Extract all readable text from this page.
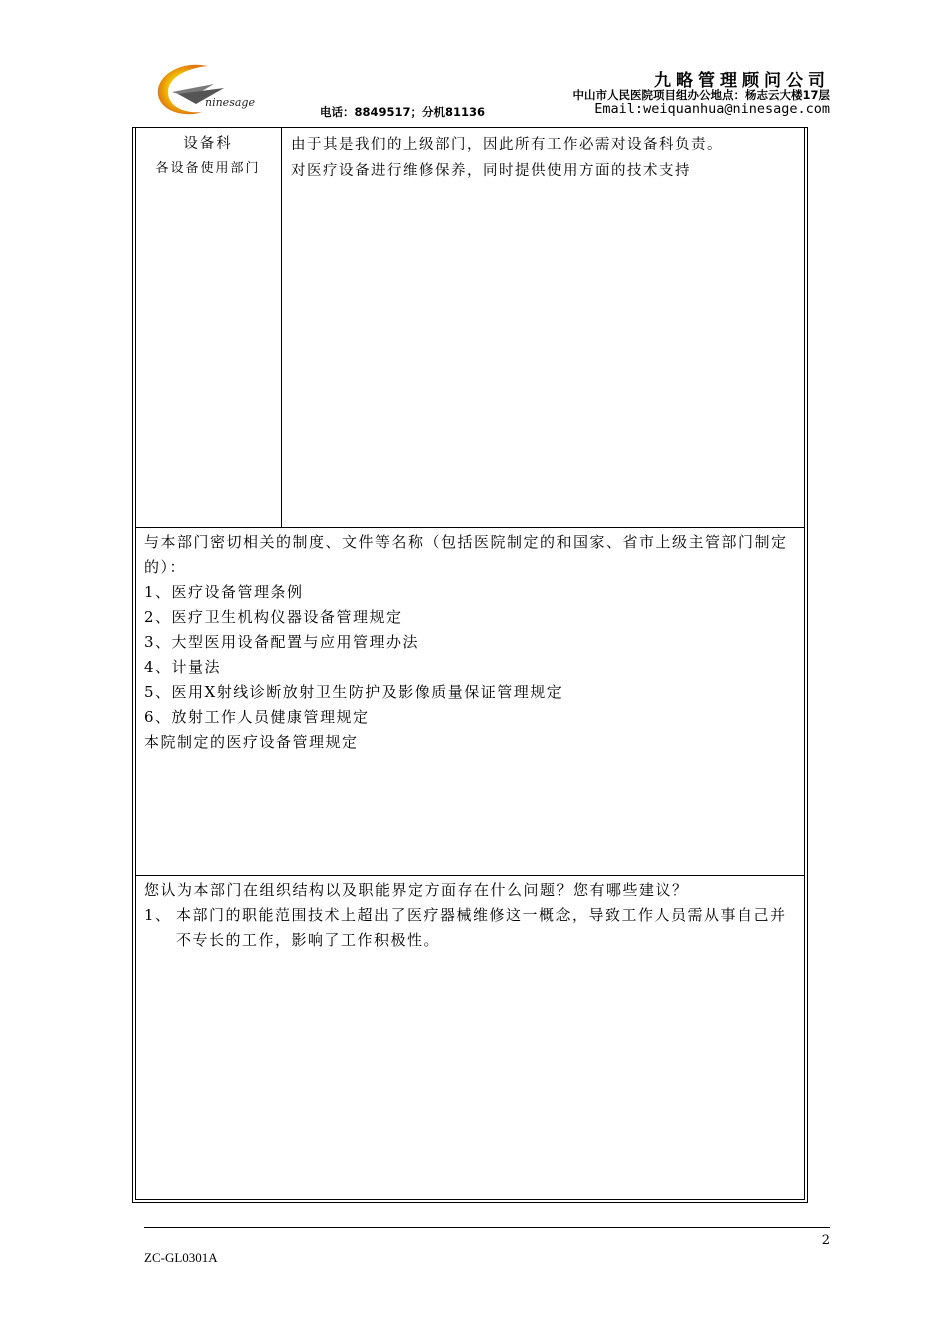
ninesage
九略管理顾问公司
中山市人民医院项目组办公地点：杨志云大楼17层
电话：8849517；分机81136	Email:weiquanhua@ninesage.com
设备科
各设备使用部门
由于其是我们的上级部门，因此所有工作必需对设备科负责。
对医疗设备进行维修保养，同时提供使用方面的技术支持
与本部门密切相关的制度、文件等名称（包括医院制定的和国家、省市上级主管部门制定的）：
1、医疗设备管理条例
2、医疗卫生机构仪器设备管理规定
3、大型医用设备配置与应用管理办法
4、计量法
5、医用X射线诊断放射卫生防护及影像质量保证管理规定
6、放射工作人员健康管理规定
本院制定的医疗设备管理规定
您认为本部门在组织结构以及职能界定方面存在什么问题？您有哪些建议？
1、 本部门的职能范围技术上超出了医疗器械维修这一概念，导致工作人员需从事自己并不专长的工作，影响了工作积极性。
2
ZC-GL0301A
